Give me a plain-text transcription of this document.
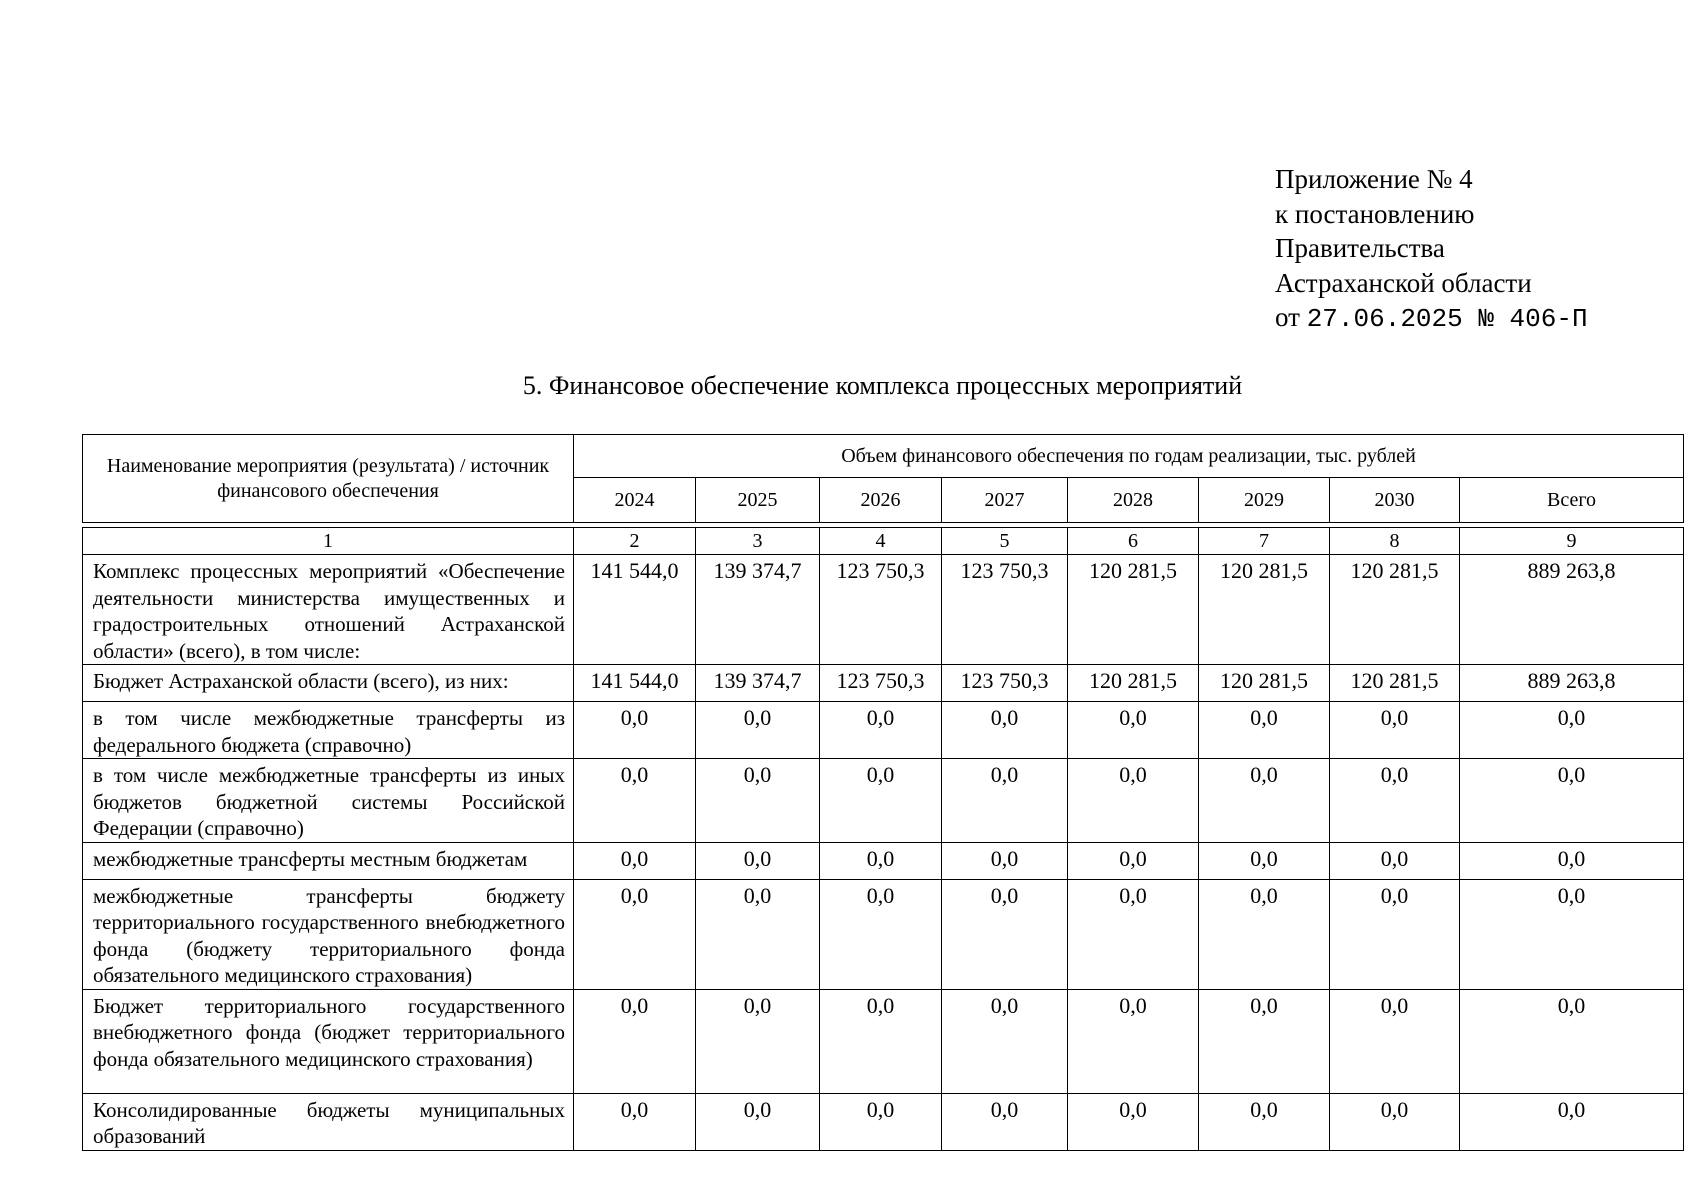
Приложение № 4
к постановлению
Правительства
Астраханской области
от 27.06.2025 № 406-П
5. Финансовое обеспечение комплекса процессных мероприятий
Наименование мероприятия (результата) / источник финансового обеспечения	Объем финансового обеспечения по годам реализации, тыс. рублей							
	2024	2025	2026	2027	2028	2029	2030	Всего

1	2	3	4	5	6	7	8	9
Комплекс процессных мероприятий «Обеспечение деятельности министерства имущественных и градостроительных отношений Астраханской области» (всего), в том числе:	141 544,0	139 374,7	123 750,3	123 750,3	120 281,5	120 281,5	120 281,5	889 263,8
Бюджет Астраханской области (всего), из них:	141 544,0	139 374,7	123 750,3	123 750,3	120 281,5	120 281,5	120 281,5	889 263,8
в том числе межбюджетные трансферты из федерального бюджета (справочно)	0,0	0,0	0,0	0,0	0,0	0,0	0,0	0,0
в том числе межбюджетные трансферты из иных бюджетов бюджетной системы Российской Федерации (справочно)	0,0	0,0	0,0	0,0	0,0	0,0	0,0	0,0
межбюджетные трансферты местным бюджетам	0,0	0,0	0,0	0,0	0,0	0,0	0,0	0,0
межбюджетные трансферты бюджету территориального государственного внебюджетного фонда (бюджету территориального фонда обязательного медицинского страхования)	0,0	0,0	0,0	0,0	0,0	0,0	0,0	0,0
Бюджет территориального государственного внебюджетного фонда (бюджет территориального фонда обязательного медицинского страхования)	0,0	0,0	0,0	0,0	0,0	0,0	0,0	0,0
Консолидированные бюджеты муниципальных образований	0,0	0,0	0,0	0,0	0,0	0,0	0,0	0,0
